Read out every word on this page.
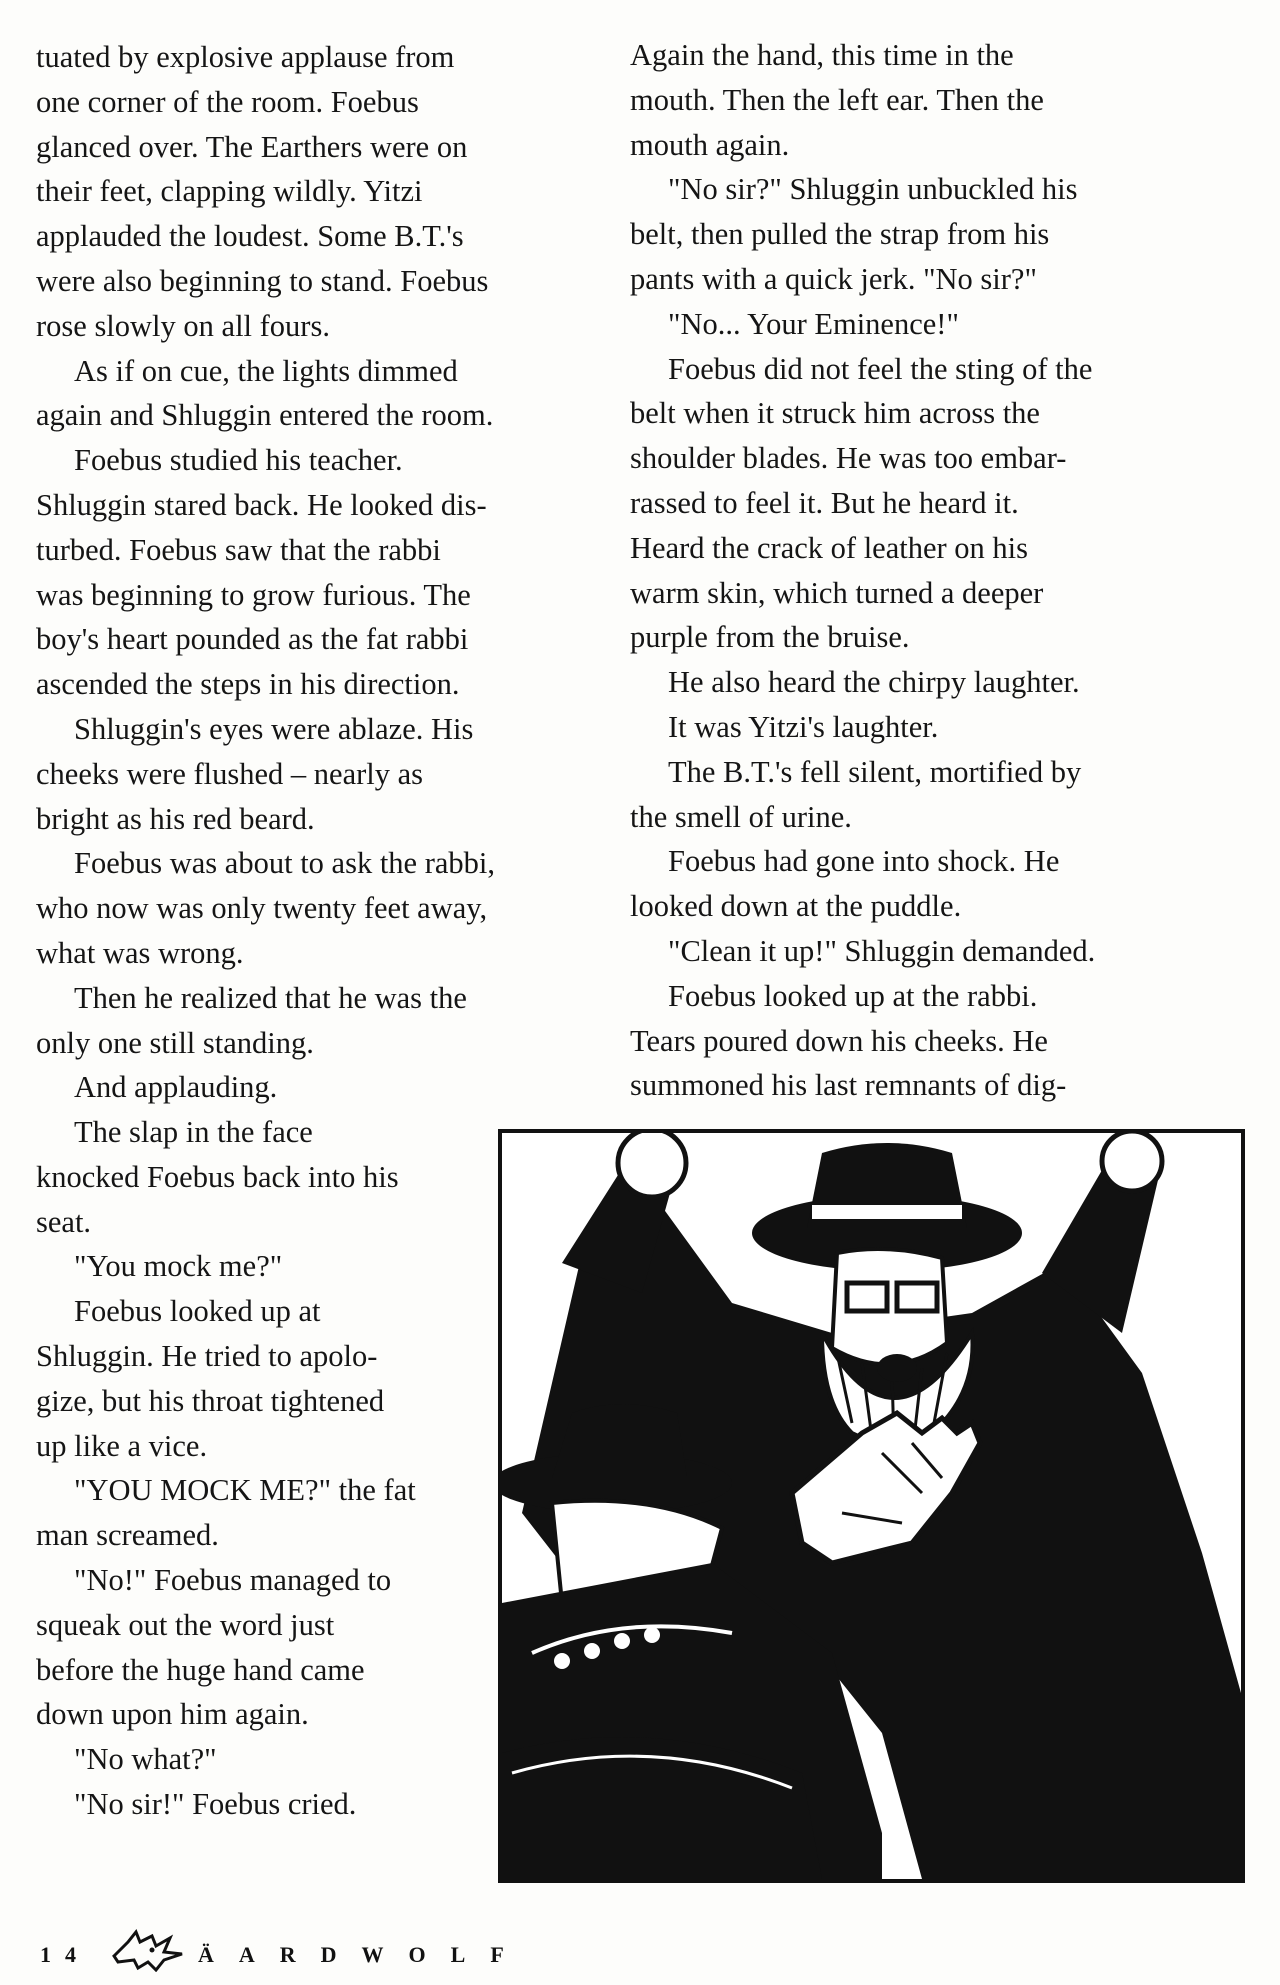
tuated by explosive applause from

one corner of the room. Foebus

glanced over. The Earthers were on

their feet, clapping wildly. Yitzi

applauded the loudest. Some B.T.'s

were also beginning to stand. Foebus

rose slowly on all fours.

As if on cue, the lights dimmed

again and Shluggin entered the room.

Foebus studied his teacher.

Shluggin stared back. He looked dis-

turbed. Foebus saw that the rabbi

was beginning to grow furious. The

boy's heart pounded as the fat rabbi

ascended the steps in his direction.

Shluggin's eyes were ablaze. His

cheeks were flushed – nearly as

bright as his red beard.

Foebus was about to ask the rabbi,

who now was only twenty feet away,

what was wrong.

Then he realized that he was the

only one still standing.

And applauding.

The slap in the face

knocked Foebus back into his

seat.

"You mock me?"

Foebus looked up at

Shluggin. He tried to apolo-

gize, but his throat tightened

up like a vice.

"YOU MOCK ME?" the fat

man screamed.

"No!" Foebus managed to

squeak out the word just

before the huge hand came

down upon him again.

"No what?"

"No sir!" Foebus cried.

Again the hand, this time in the

mouth. Then the left ear. Then the

mouth again.

"No sir?" Shluggin unbuckled his

belt, then pulled the strap from his

pants with a quick jerk. "No sir?"

"No... Your Eminence!"

Foebus did not feel the sting of the

belt when it struck him across the

shoulder blades. He was too embar-

rassed to feel it. But he heard it.

Heard the crack of leather on his

warm skin, which turned a deeper

purple from the bruise.

He also heard the chirpy laughter.

It was Yitzi's laughter.

The B.T.'s fell silent, mortified by

the smell of urine.

Foebus had gone into shock. He

looked down at the puddle.

"Clean it up!" Shluggin demanded.

Foebus looked up at the rabbi.

Tears poured down his cheeks. He

summoned his last remnants of dig-

14	ÄARDWOLF
